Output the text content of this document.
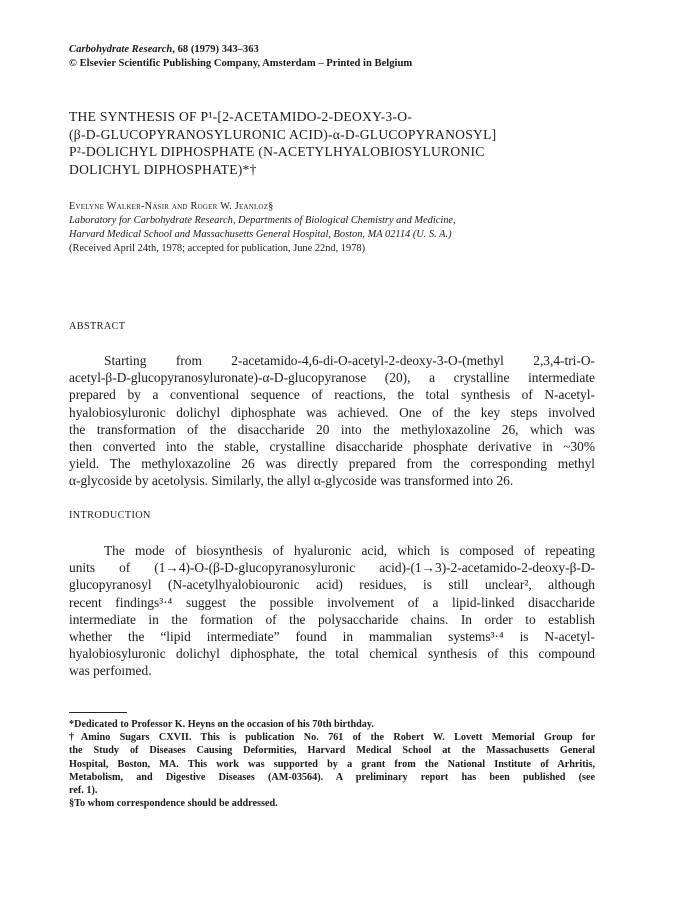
Carbohydrate Research, 68 (1979) 343–363
© Elsevier Scientific Publishing Company, Amsterdam – Printed in Belgium
THE SYNTHESIS OF P¹-[2-ACETAMIDO-2-DEOXY-3-O-
(β-D-GLUCOPYRANOSYLURONIC ACID)-α-D-GLUCOPYRANOSYL]
P²-DOLICHYL DIPHOSPHATE (N-ACETYLHYALOBIOSYLURONIC
DOLICHYL DIPHOSPHATE)*†
Evelyne Walker-Nasir and Roger W. Jeanloz§
Laboratory for Carbohydrate Research, Departments of Biological Chemistry and Medicine,
Harvard Medical School and Massachusetts General Hospital, Boston, MA 02114 (U. S. A.)
(Received April 24th, 1978; accepted for publication, June 22nd, 1978)
ABSTRACT
Starting from 2-acetamido-4,6-di-O-acetyl-2-deoxy-3-O-(methyl 2,3,4-tri-O-
acetyl-β-D-glucopyranosyluronate)-α-D-glucopyranose (20), a crystalline intermediate
prepared by a conventional sequence of reactions, the total synthesis of N-acetyl-
hyalobiosyluronic dolichyl diphosphate was achieved. One of the key steps involved
the transformation of the disaccharide 20 into the methyloxazoline 26, which was
then converted into the stable, crystalline disaccharide phosphate derivative in ~30%
yield. The methyloxazoline 26 was directly prepared from the corresponding methyl
α-glycoside by acetolysis. Similarly, the allyl α-glycoside was transformed into 26.
INTRODUCTION
The mode of biosynthesis of hyaluronic acid, which is composed of repeating
units of (1→4)-O-(β-D-glucopyranosyluronic acid)-(1→3)-2-acetamido-2-deoxy-β-D-
glucopyranosyl (N-acetylhyalobiouronic acid) residues, is still unclear², although
recent findings³·⁴ suggest the possible involvement of a lipid-linked disaccharide
intermediate in the formation of the polysaccharide chains. In order to establish
whether the “lipid intermediate” found in mammalian systems³·⁴ is N-acetyl-
hyalobiosyluronic dolichyl diphosphate, the total chemical synthesis of this compound
was perfoımed.
*Dedicated to Professor K. Heyns on the occasion of his 70th birthday.
†Amino Sugars CXVII. This is publication No. 761 of the Robert W. Lovett Memorial Group for
the Study of Diseases Causing Deformities, Harvard Medical School at the Massachusetts General
Hospital, Boston, MA. This work was supported by a grant from the National Institute of Arhritis,
Metabolism, and Digestive Diseases (AM-03564). A preliminary report has been published (see
ref. 1).
§To whom correspondence should be addressed.
